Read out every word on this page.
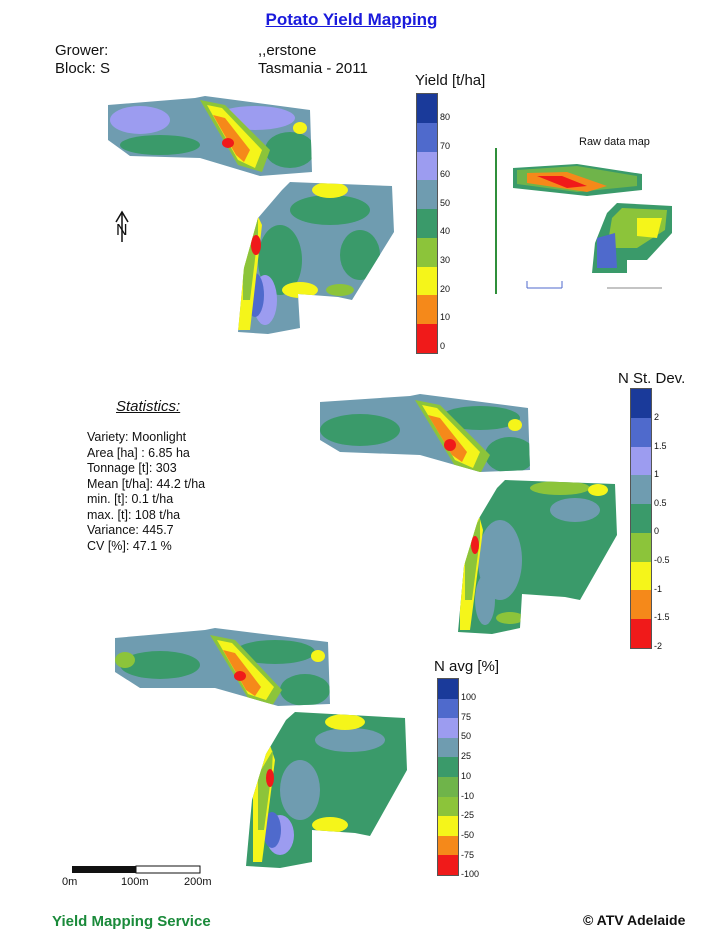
Potato Yield Mapping
Grower:	,,erstone
Block: S	Tasmania - 2011
N
Yield [t/ha]
80
70
60
50
40
30
20
10
0
Raw data map
Statistics:
Variety: Moonlight
Area [ha] : 6.85 ha
Tonnage [t]: 303
Mean [t/ha]: 44.2 t/ha
min. [t]: 0.1 t/ha
max. [t]: 108 t/ha
Variance: 445.7
CV [%]: 47.1 %
N St. Dev.
2
1.5
1
0.5
0
-0.5
-1
-1.5
-2
N avg [%]
100
75
50
25
10
-10
-25
-50
-75
-100
0m	100m	200m
Yield Mapping Service	© ATV Adelaide
